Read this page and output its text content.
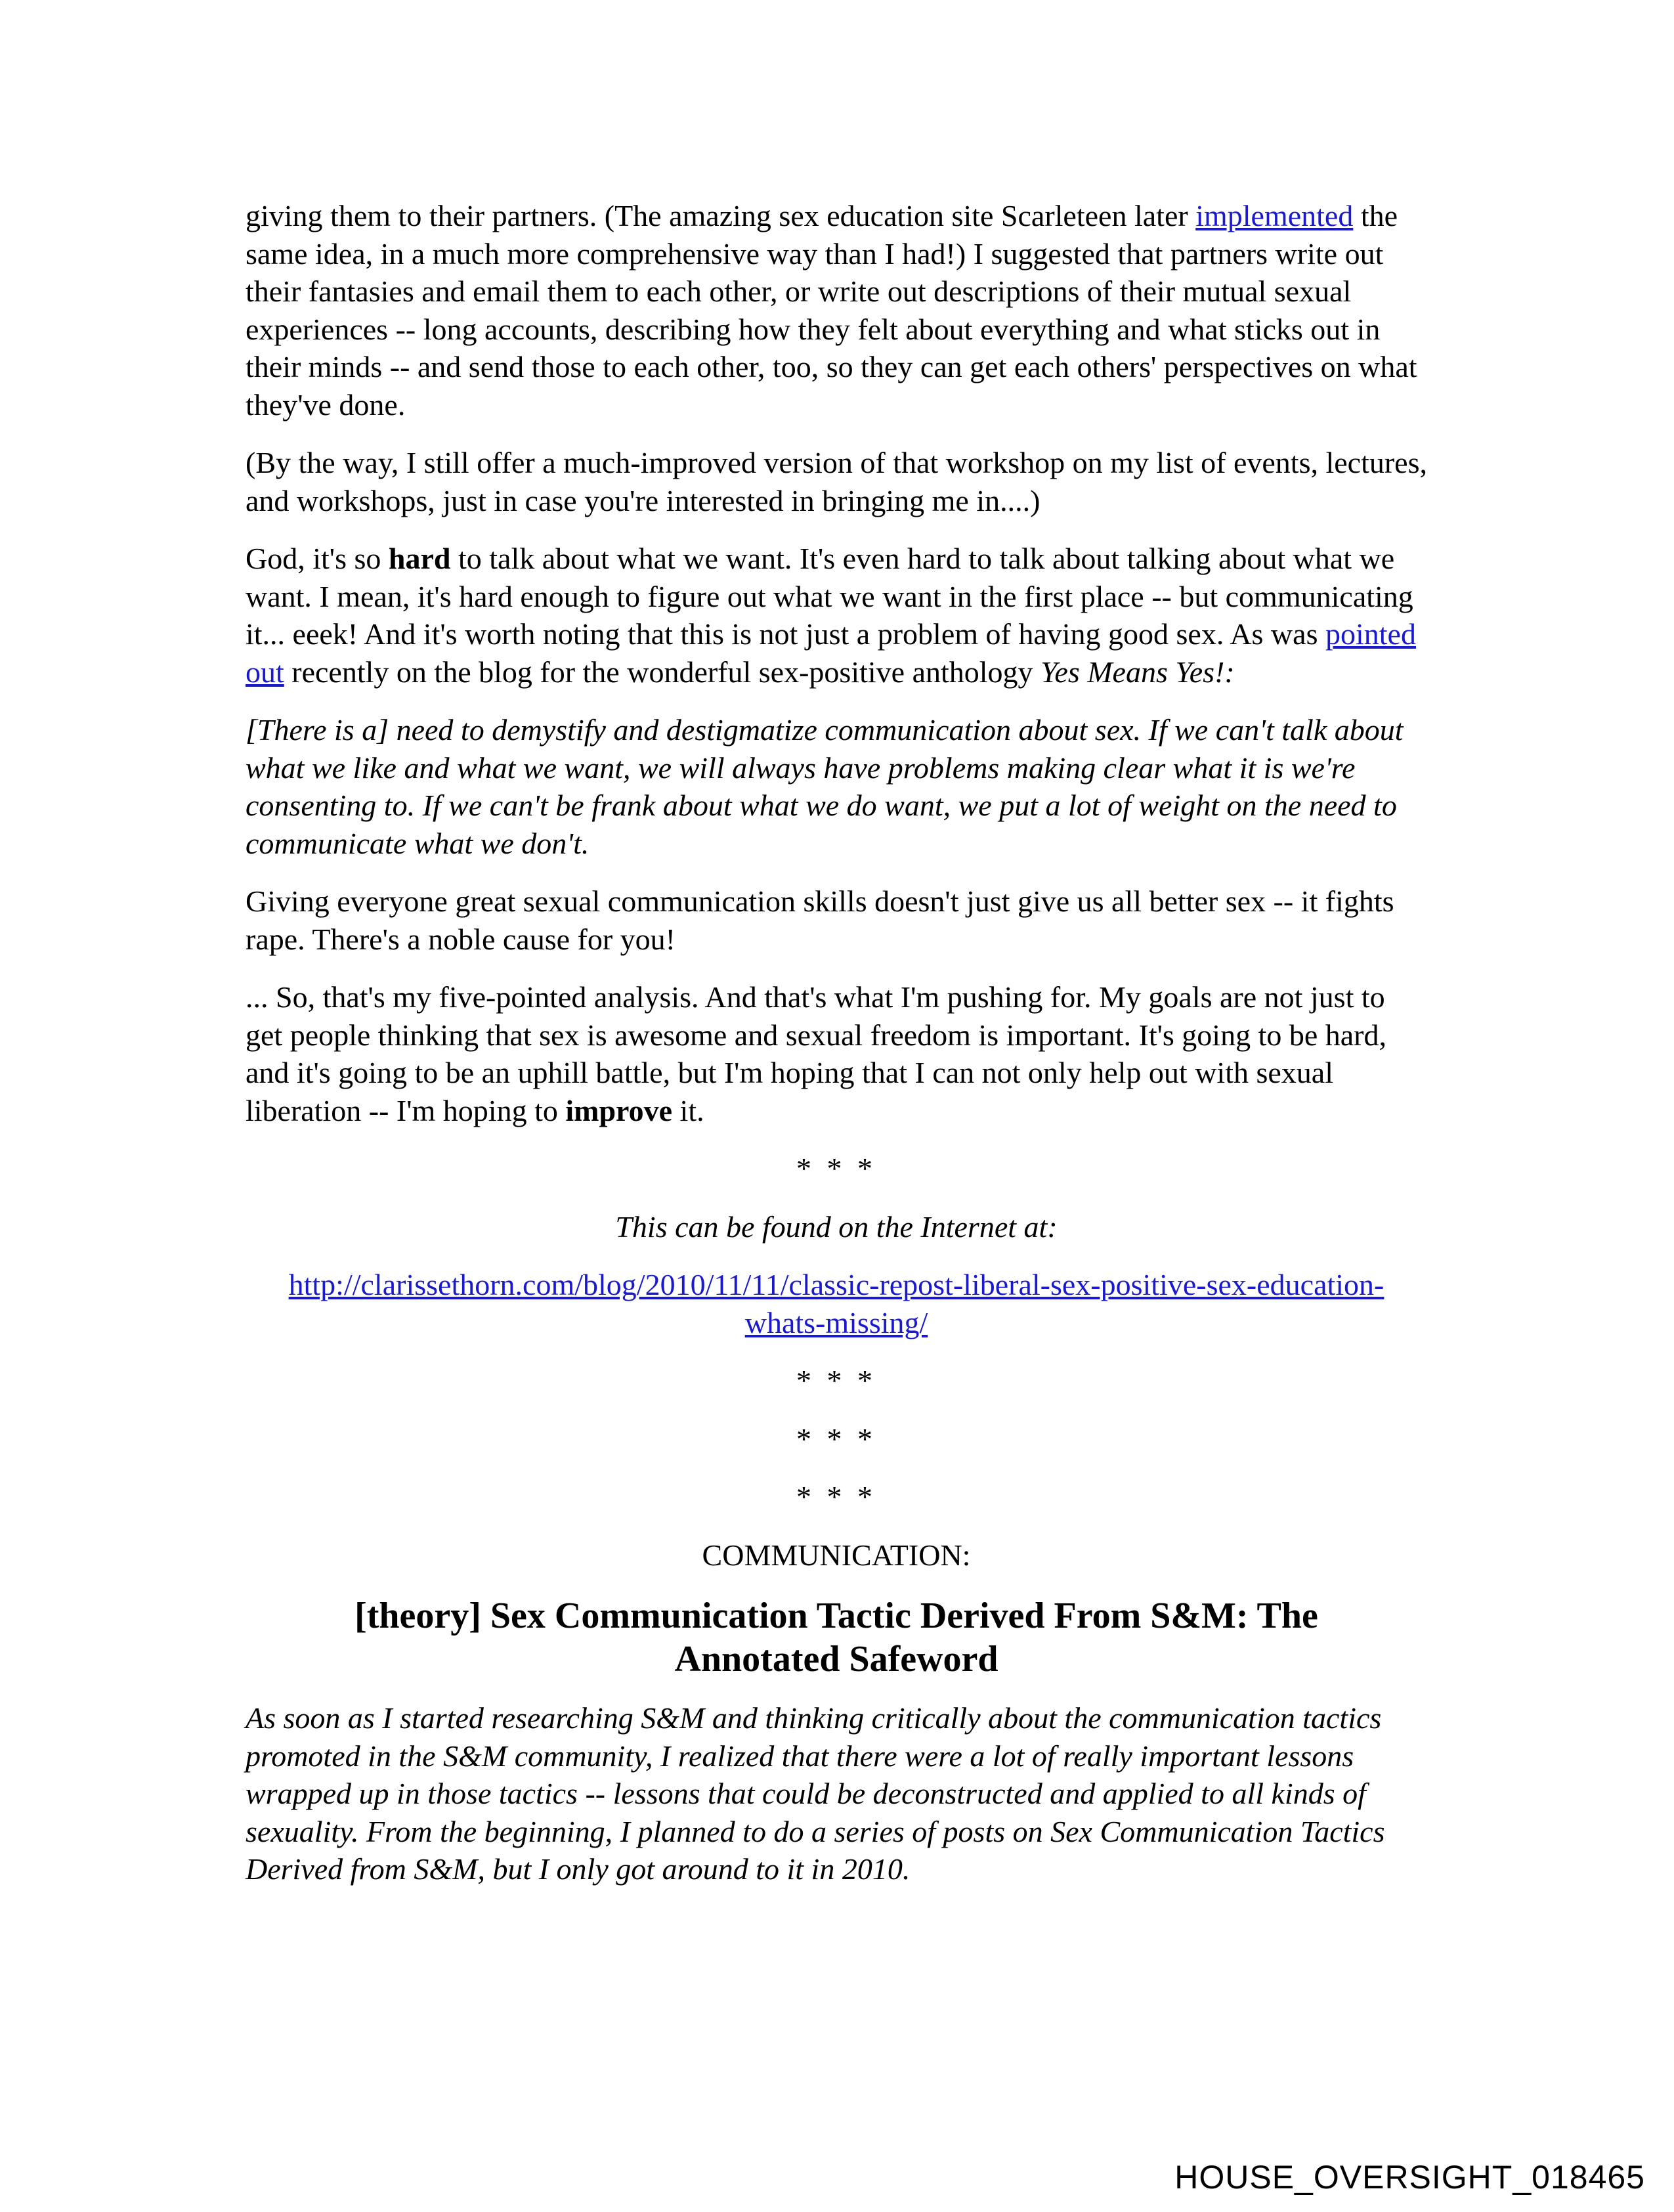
giving them to their partners. (The amazing sex education site Scarleteen later implemented the same idea, in a much more comprehensive way than I had!) I suggested that partners write out their fantasies and email them to each other, or write out descriptions of their mutual sexual experiences -- long accounts, describing how they felt about everything and what sticks out in their minds -- and send those to each other, too, so they can get each others' perspectives on what they've done.

(By the way, I still offer a much-improved version of that workshop on my list of events, lectures, and workshops, just in case you're interested in bringing me in....)

God, it's so hard to talk about what we want. It's even hard to talk about talking about what we want. I mean, it's hard enough to figure out what we want in the first place -- but communicating it... eeek! And it's worth noting that this is not just a problem of having good sex. As was pointed out recently on the blog for the wonderful sex-positive anthology Yes Means Yes!:

[There is a] need to demystify and destigmatize communication about sex. If we can't talk about what we like and what we want, we will always have problems making clear what it is we're consenting to. If we can't be frank about what we do want, we put a lot of weight on the need to communicate what we don't.

Giving everyone great sexual communication skills doesn't just give us all better sex -- it fights rape. There's a noble cause for you!

... So, that's my five-pointed analysis. And that's what I'm pushing for. My goals are not just to get people thinking that sex is awesome and sexual freedom is important. It's going to be hard, and it's going to be an uphill battle, but I'm hoping that I can not only help out with sexual liberation -- I'm hoping to improve it.

* * *

This can be found on the Internet at:

http://clarissethorn.com/blog/2010/11/11/classic-repost-liberal-sex-positive-sex-education-whats-missing/

* * *
* * *
* * *
COMMUNICATION:
[theory] Sex Communication Tactic Derived From S&M: The Annotated Safeword

As soon as I started researching S&M and thinking critically about the communication tactics promoted in the S&M community, I realized that there were a lot of really important lessons wrapped up in those tactics -- lessons that could be deconstructed and applied to all kinds of sexuality. From the beginning, I planned to do a series of posts on Sex Communication Tactics Derived from S&M, but I only got around to it in 2010.

HOUSE_OVERSIGHT_018465
